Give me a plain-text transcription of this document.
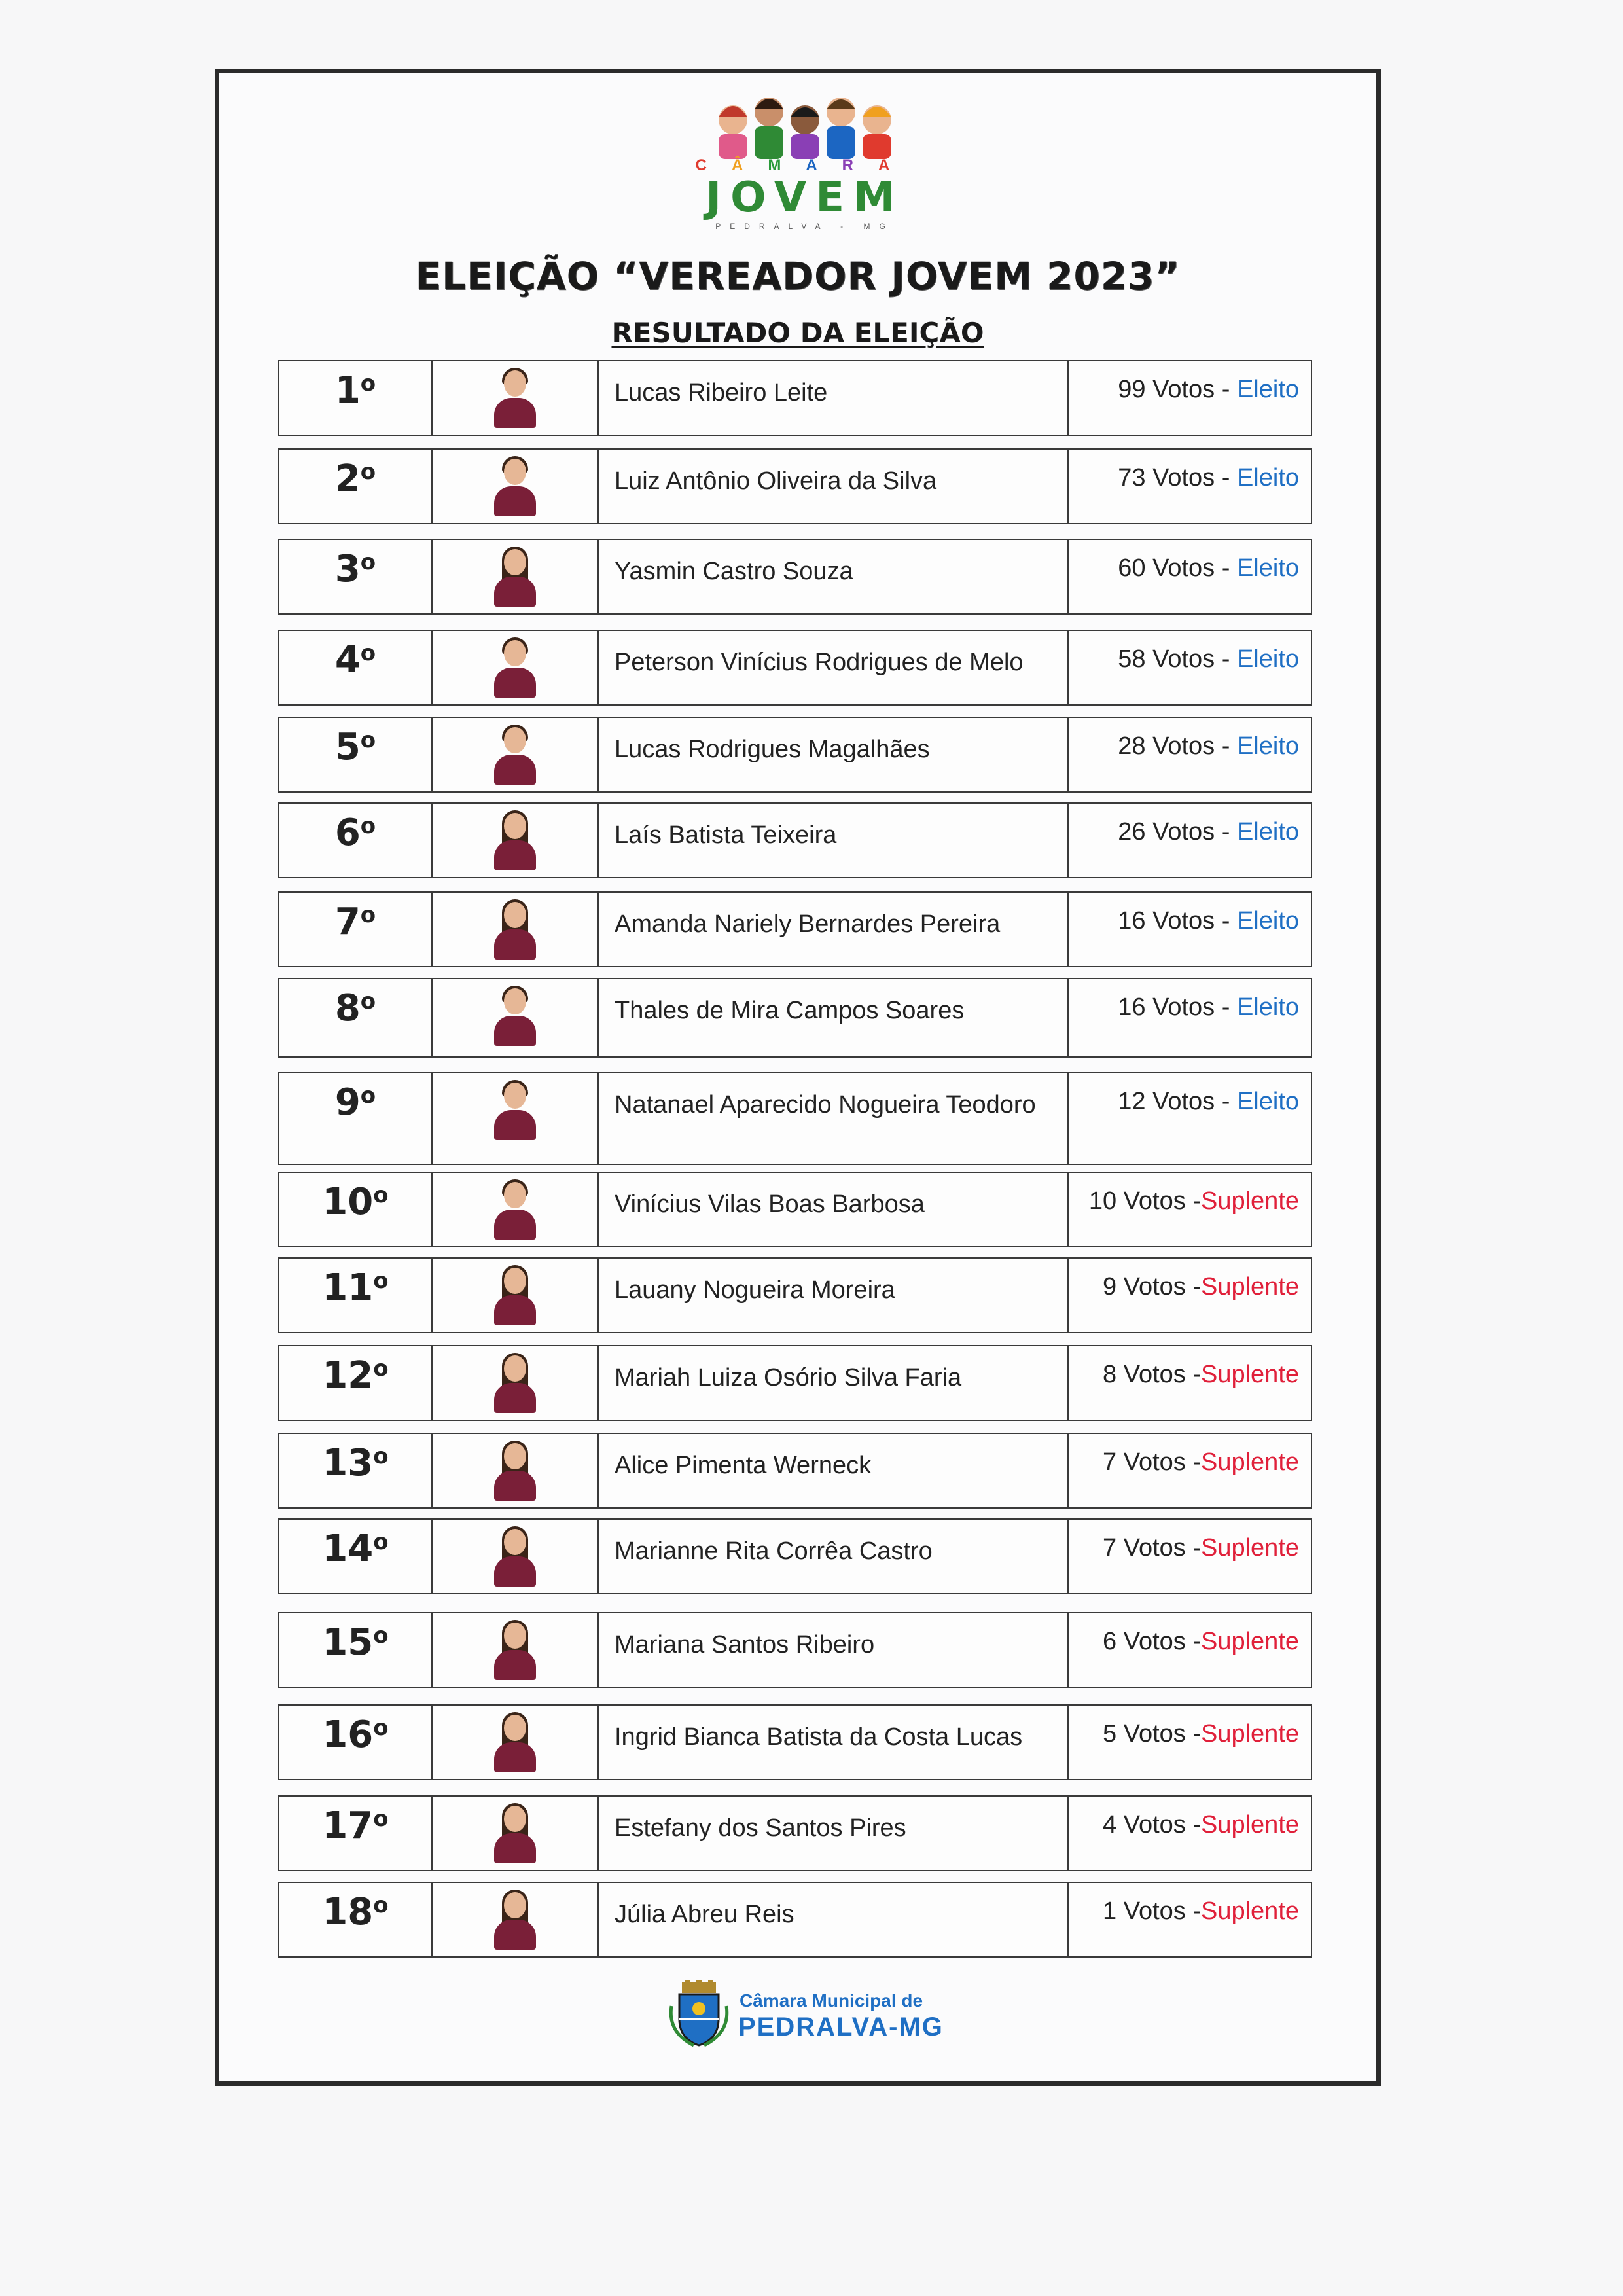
CÂMARA
JOVEM
PEDRALVA - MG
ELEIÇÃO “VEREADOR JOVEM 2023”
RESULTADO DA ELEIÇÃO
1$^o$	Lucas Ribeiro Leite	99 Votos - Eleito
2$^o$	Luiz Antônio Oliveira da Silva	73 Votos - Eleito
3$^o$	Yasmin Castro Souza	60 Votos - Eleito
4$^o$	Peterson Vinícius Rodrigues de Melo	58 Votos - Eleito
5$^o$	Lucas Rodrigues Magalhães	28 Votos - Eleito
6$^o$	Laís Batista Teixeira	26 Votos - Eleito
7$^o$	Amanda Nariely Bernardes Pereira	16 Votos - Eleito
8$^o$	Thales de Mira Campos Soares	16 Votos - Eleito
9$^o$	Natanael Aparecido Nogueira Teodoro	12 Votos - Eleito
10$^o$	Vinícius Vilas Boas Barbosa	10 Votos -Suplente
11$^o$	Lauany Nogueira Moreira	9 Votos -Suplente
12$^o$	Mariah Luiza Osório Silva Faria	8 Votos -Suplente
13$^o$	Alice Pimenta Werneck	7 Votos -Suplente
14$^o$	Marianne Rita Corrêa Castro	7 Votos -Suplente
15$^o$	Mariana Santos Ribeiro	6 Votos -Suplente
16$^o$	Ingrid Bianca Batista da Costa Lucas	5 Votos -Suplente
17$^o$	Estefany dos Santos Pires	4 Votos -Suplente
18$^o$	Júlia Abreu Reis	1 Votos -Suplente
Câmara Municipal de
PEDRALVA-MG
